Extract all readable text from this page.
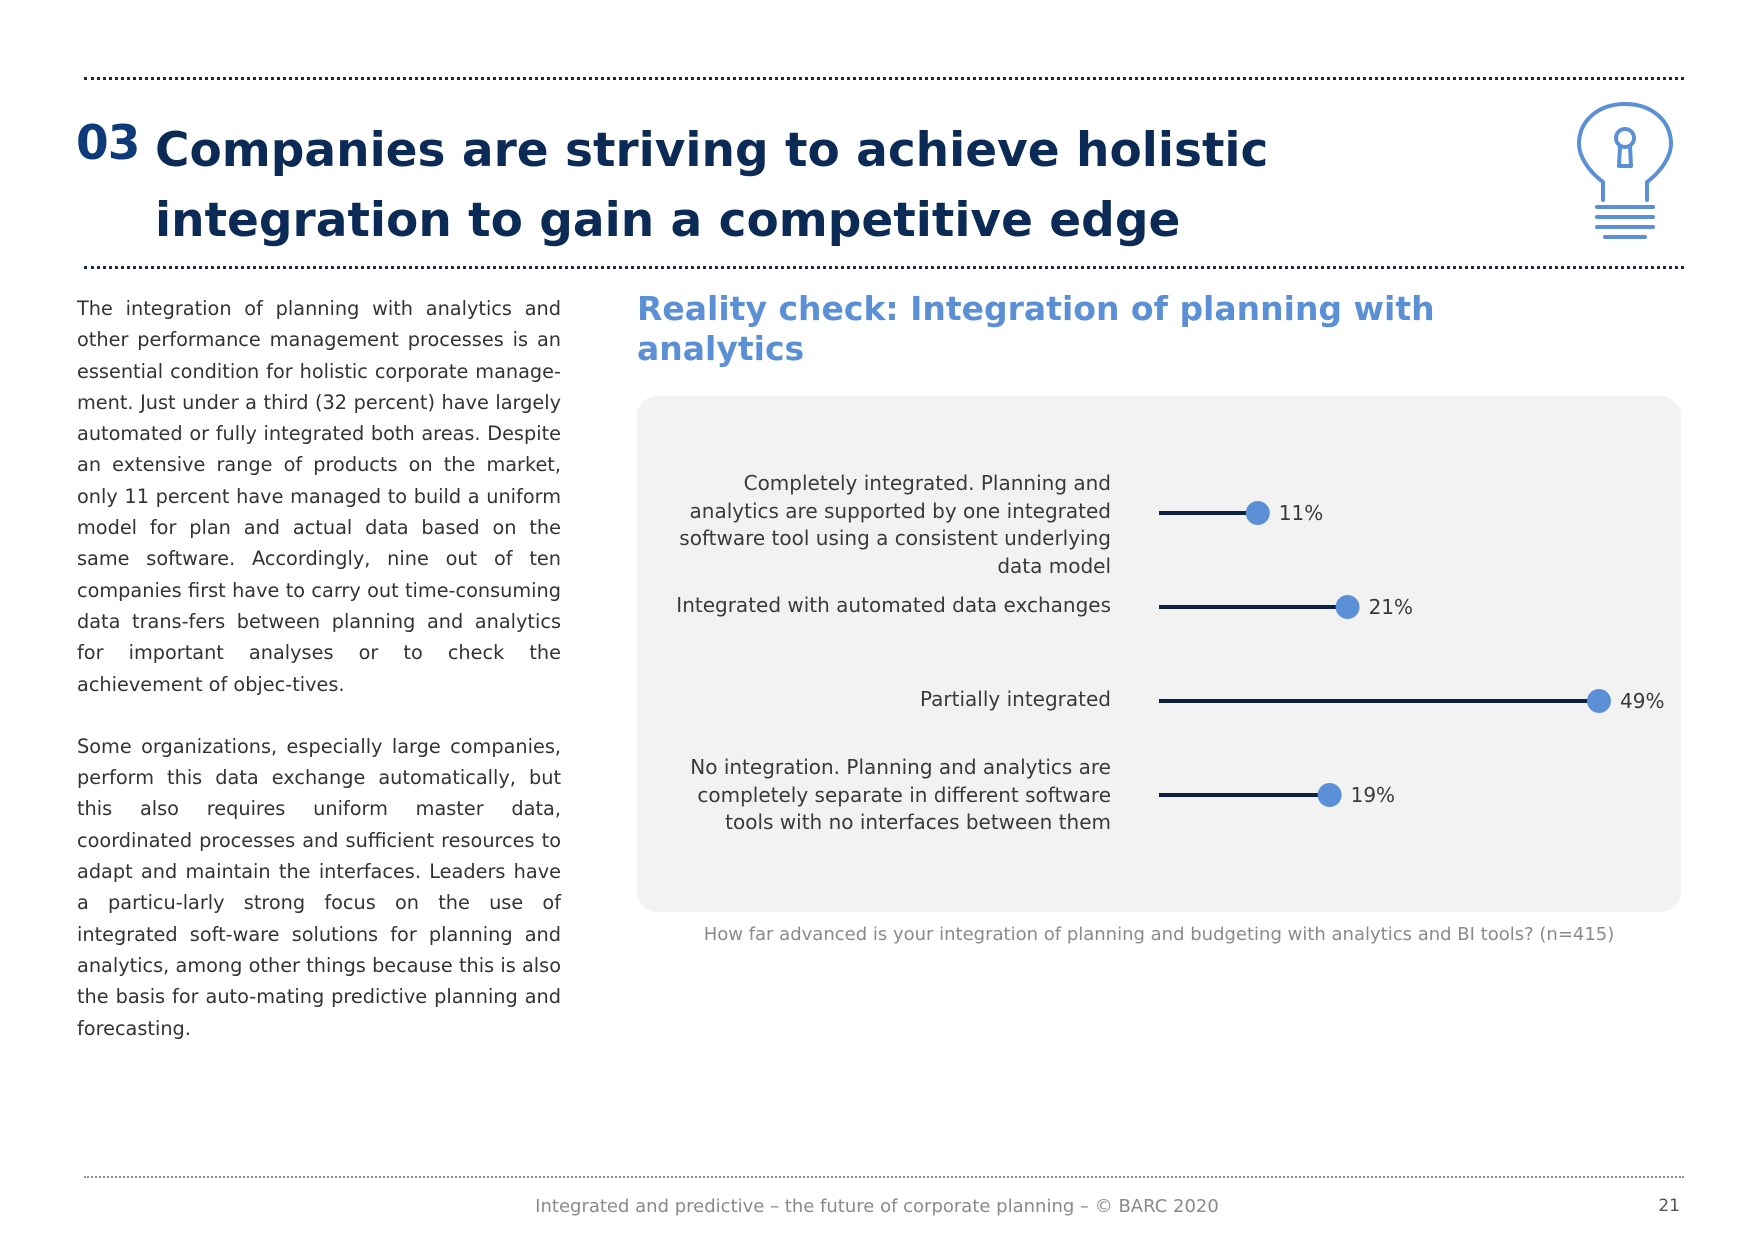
03 Companies are striving to achieve holistic integration to gain a competitive edge

The integration of planning with analytics and other performance management processes is an essential condition for holistic corporate manage-ment. Just under a third (32 percent) have largely automated or fully integrated both areas. Despite an extensive range of products on the market, only 11 percent have managed to build a uniform model for plan and actual data based on the same software. Accordingly, nine out of ten companies first have to carry out time-consuming data trans-fers between planning and analytics for important analyses or to check the achievement of objec-tives.

Some organizations, especially large companies, perform this data exchange automatically, but this also requires uniform master data, coordinated processes and sufficient resources to adapt and maintain the interfaces. Leaders have a particu-larly strong focus on the use of integrated soft-ware solutions for planning and analytics, among other things because this is also the basis for auto-mating predictive planning and forecasting.

Reality check: Integration of planning with analytics
Completely integrated. Planning and analytics are supported by one integrated software tool using a consistent underlying data model
Integrated with automated data exchanges
Partially integrated
No integration. Planning and analytics are completely separate in different software tools with no interfaces between them
11%
21%
49%
19%
How far advanced is your integration of planning and budgeting with analytics and BI tools? (n=415)
Integrated and predictive – the future of corporate planning – © BARC 2020	21
